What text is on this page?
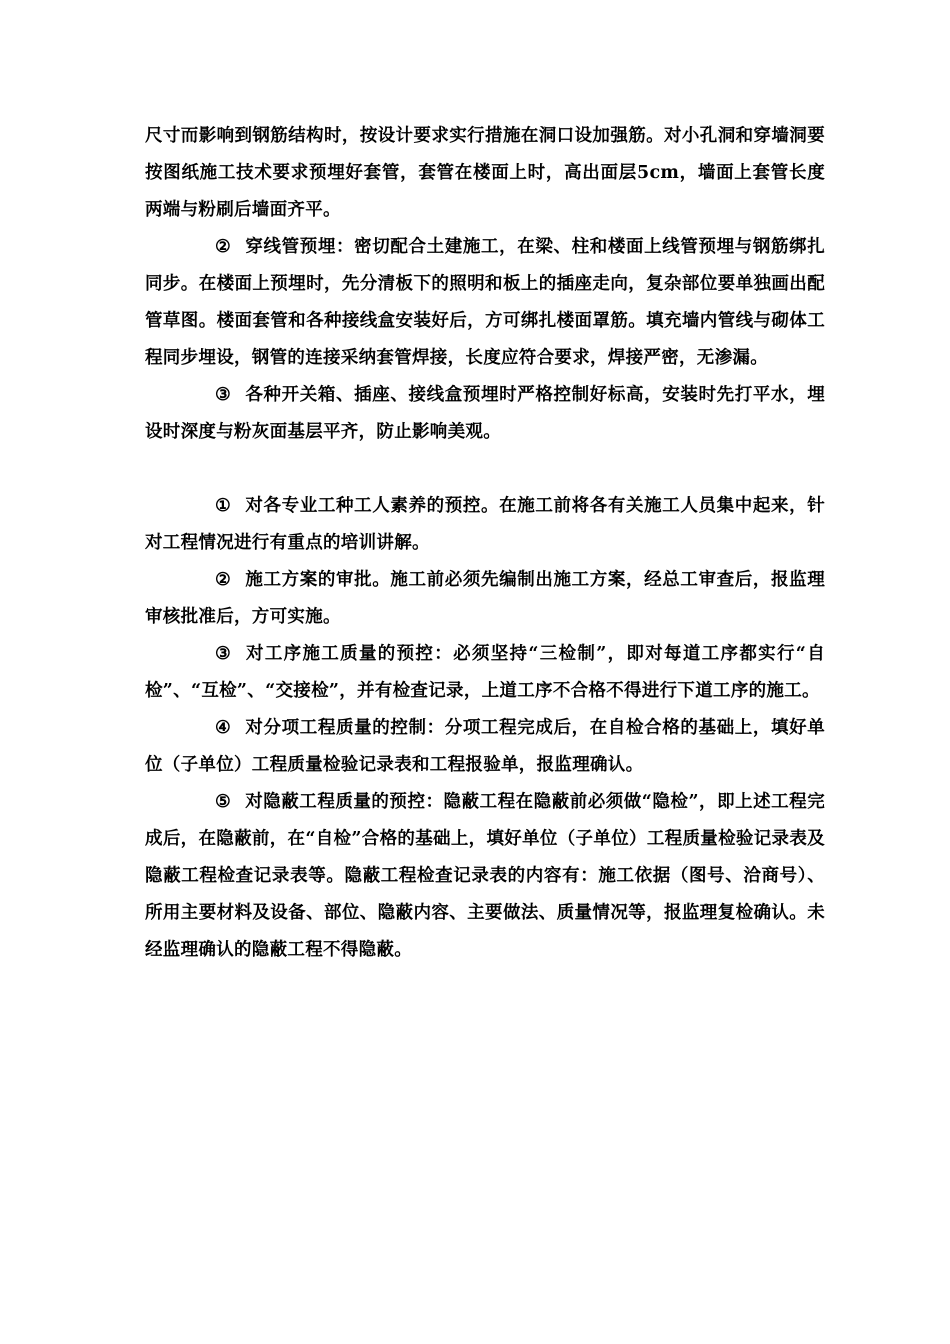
尺寸而影响到钢筋结构时，按设计要求实行措施在洞口设加强筋。对小孔洞和穿墙洞要按图纸施工技术要求预埋好套管，套管在楼面上时，高出面层5cm，墙面上套管长度两端与粉刷后墙面齐平。

② 穿线管预埋：密切配合土建施工，在梁、柱和楼面上线管预埋与钢筋绑扎同步。在楼面上预埋时，先分清板下的照明和板上的插座走向，复杂部位要单独画出配管草图。楼面套管和各种接线盒安装好后，方可绑扎楼面罩筋。填充墙内管线与砌体工程同步埋设，钢管的连接采纳套管焊接，长度应符合要求，焊接严密，无渗漏。

③ 各种开关箱、插座、接线盒预埋时严格控制好标高，安装时先打平水，埋设时深度与粉灰面基层平齐，防止影响美观。

① 对各专业工种工人素养的预控。在施工前将各有关施工人员集中起来，针对工程情况进行有重点的培训讲解。

② 施工方案的审批。施工前必须先编制出施工方案，经总工审查后，报监理审核批准后，方可实施。

③ 对工序施工质量的预控：必须坚持“三检制”，即对每道工序都实行“自检”、“互检”、“交接检”，并有检查记录，上道工序不合格不得进行下道工序的施工。

④ 对分项工程质量的控制：分项工程完成后，在自检合格的基础上，填好单位（子单位）工程质量检验记录表和工程报验单，报监理确认。

⑤ 对隐蔽工程质量的预控：隐蔽工程在隐蔽前必须做“隐检”，即上述工程完成后，在隐蔽前，在“自检”合格的基础上，填好单位（子单位）工程质量检验记录表及隐蔽工程检查记录表等。隐蔽工程检查记录表的内容有：施工依据（图号、洽商号）、所用主要材料及设备、部位、隐蔽内容、主要做法、质量情况等，报监理复检确认。未经监理确认的隐蔽工程不得隐蔽。
